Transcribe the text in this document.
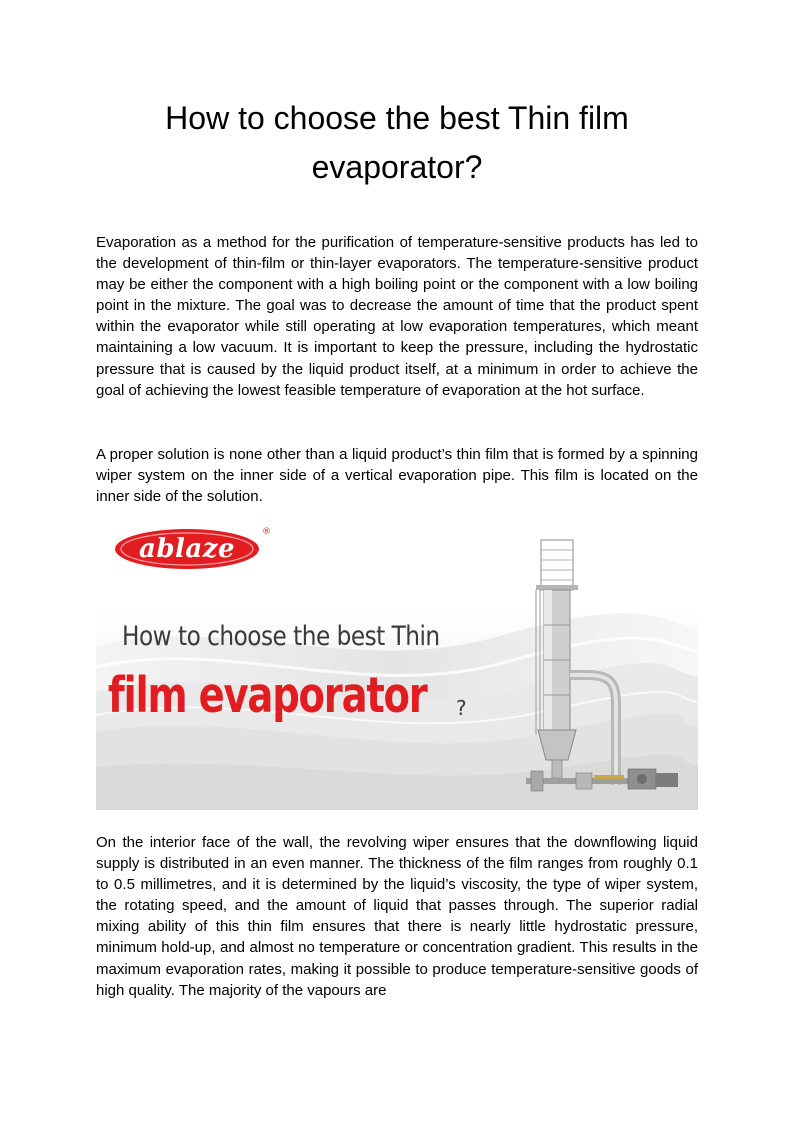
How to choose the best Thin film evaporator?

Evaporation as a method for the purification of temperature-sensitive products has led to the development of thin-film or thin-layer evaporators. The temperature-sensitive product may be either the component with a high boiling point or the component with a low boiling point in the mixture. The goal was to decrease the amount of time that the product spent within the evaporator while still operating at low evaporation temperatures, which meant maintaining a low vacuum. It is important to keep the pressure, including the hydrostatic pressure that is caused by the liquid product itself, at a minimum in order to achieve the goal of achieving the lowest feasible temperature of evaporation at the hot surface.

A proper solution is none other than a liquid product’s thin film that is formed by a spinning wiper system on the inner side of a vertical evaporation pipe. This film is located on the inner side of the solution.

ablaze
®
How to choose the best Thin
film evaporator	?

On the interior face of the wall, the revolving wiper ensures that the downflowing liquid supply is distributed in an even manner. The thickness of the film ranges from roughly 0.1 to 0.5 millimetres, and it is determined by the liquid’s viscosity, the type of wiper system, the rotating speed, and the amount of liquid that passes through. The superior radial mixing ability of this thin film ensures that there is nearly little hydrostatic pressure, minimum hold-up, and almost no temperature or concentration gradient. This results in the maximum evaporation rates, making it possible to produce temperature-sensitive goods of high quality. The majority of the vapours are
